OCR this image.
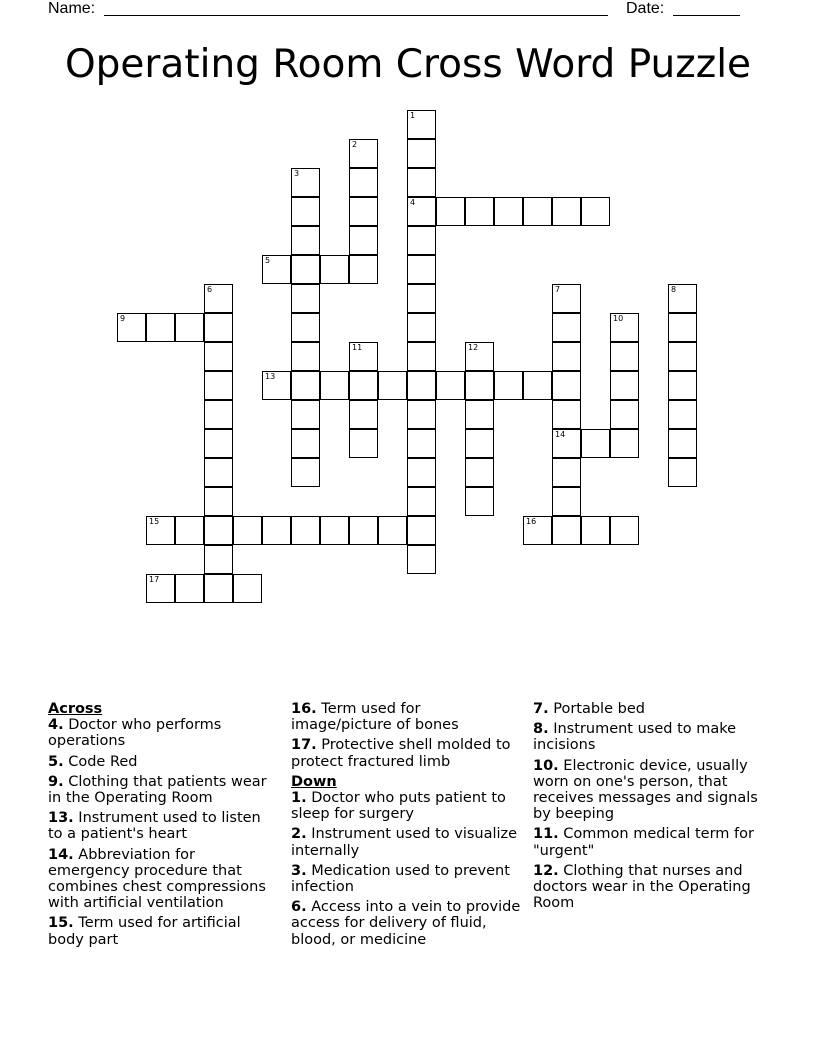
Name:	Date:
Operating Room Cross Word Puzzle
1
4
2
3
5
6	7
14
8
9	10
11	12
13
15	16
17
Across

4. Doctor who performs operations

5. Code Red

9. Clothing that patients wear in the Operating Room

13. Instrument used to listen to a patient's heart

14. Abbreviation for emergency procedure that combines chest compressions with artificial ventilation

15. Term used for artificial body part

16. Term used for image/picture of bones

17. Protective shell molded to protect fractured limb

Down

1. Doctor who puts patient to sleep for surgery

2. Instrument used to visualize internally

3. Medication used to prevent infection

6. Access into a vein to provide access for delivery of fluid, blood, or medicine

7. Portable bed

8. Instrument used to make incisions

10. Electronic device, usually worn on one's person, that receives messages and signals by beeping

11. Common medical term for "urgent"

12. Clothing that nurses and doctors wear in the Operating Room
